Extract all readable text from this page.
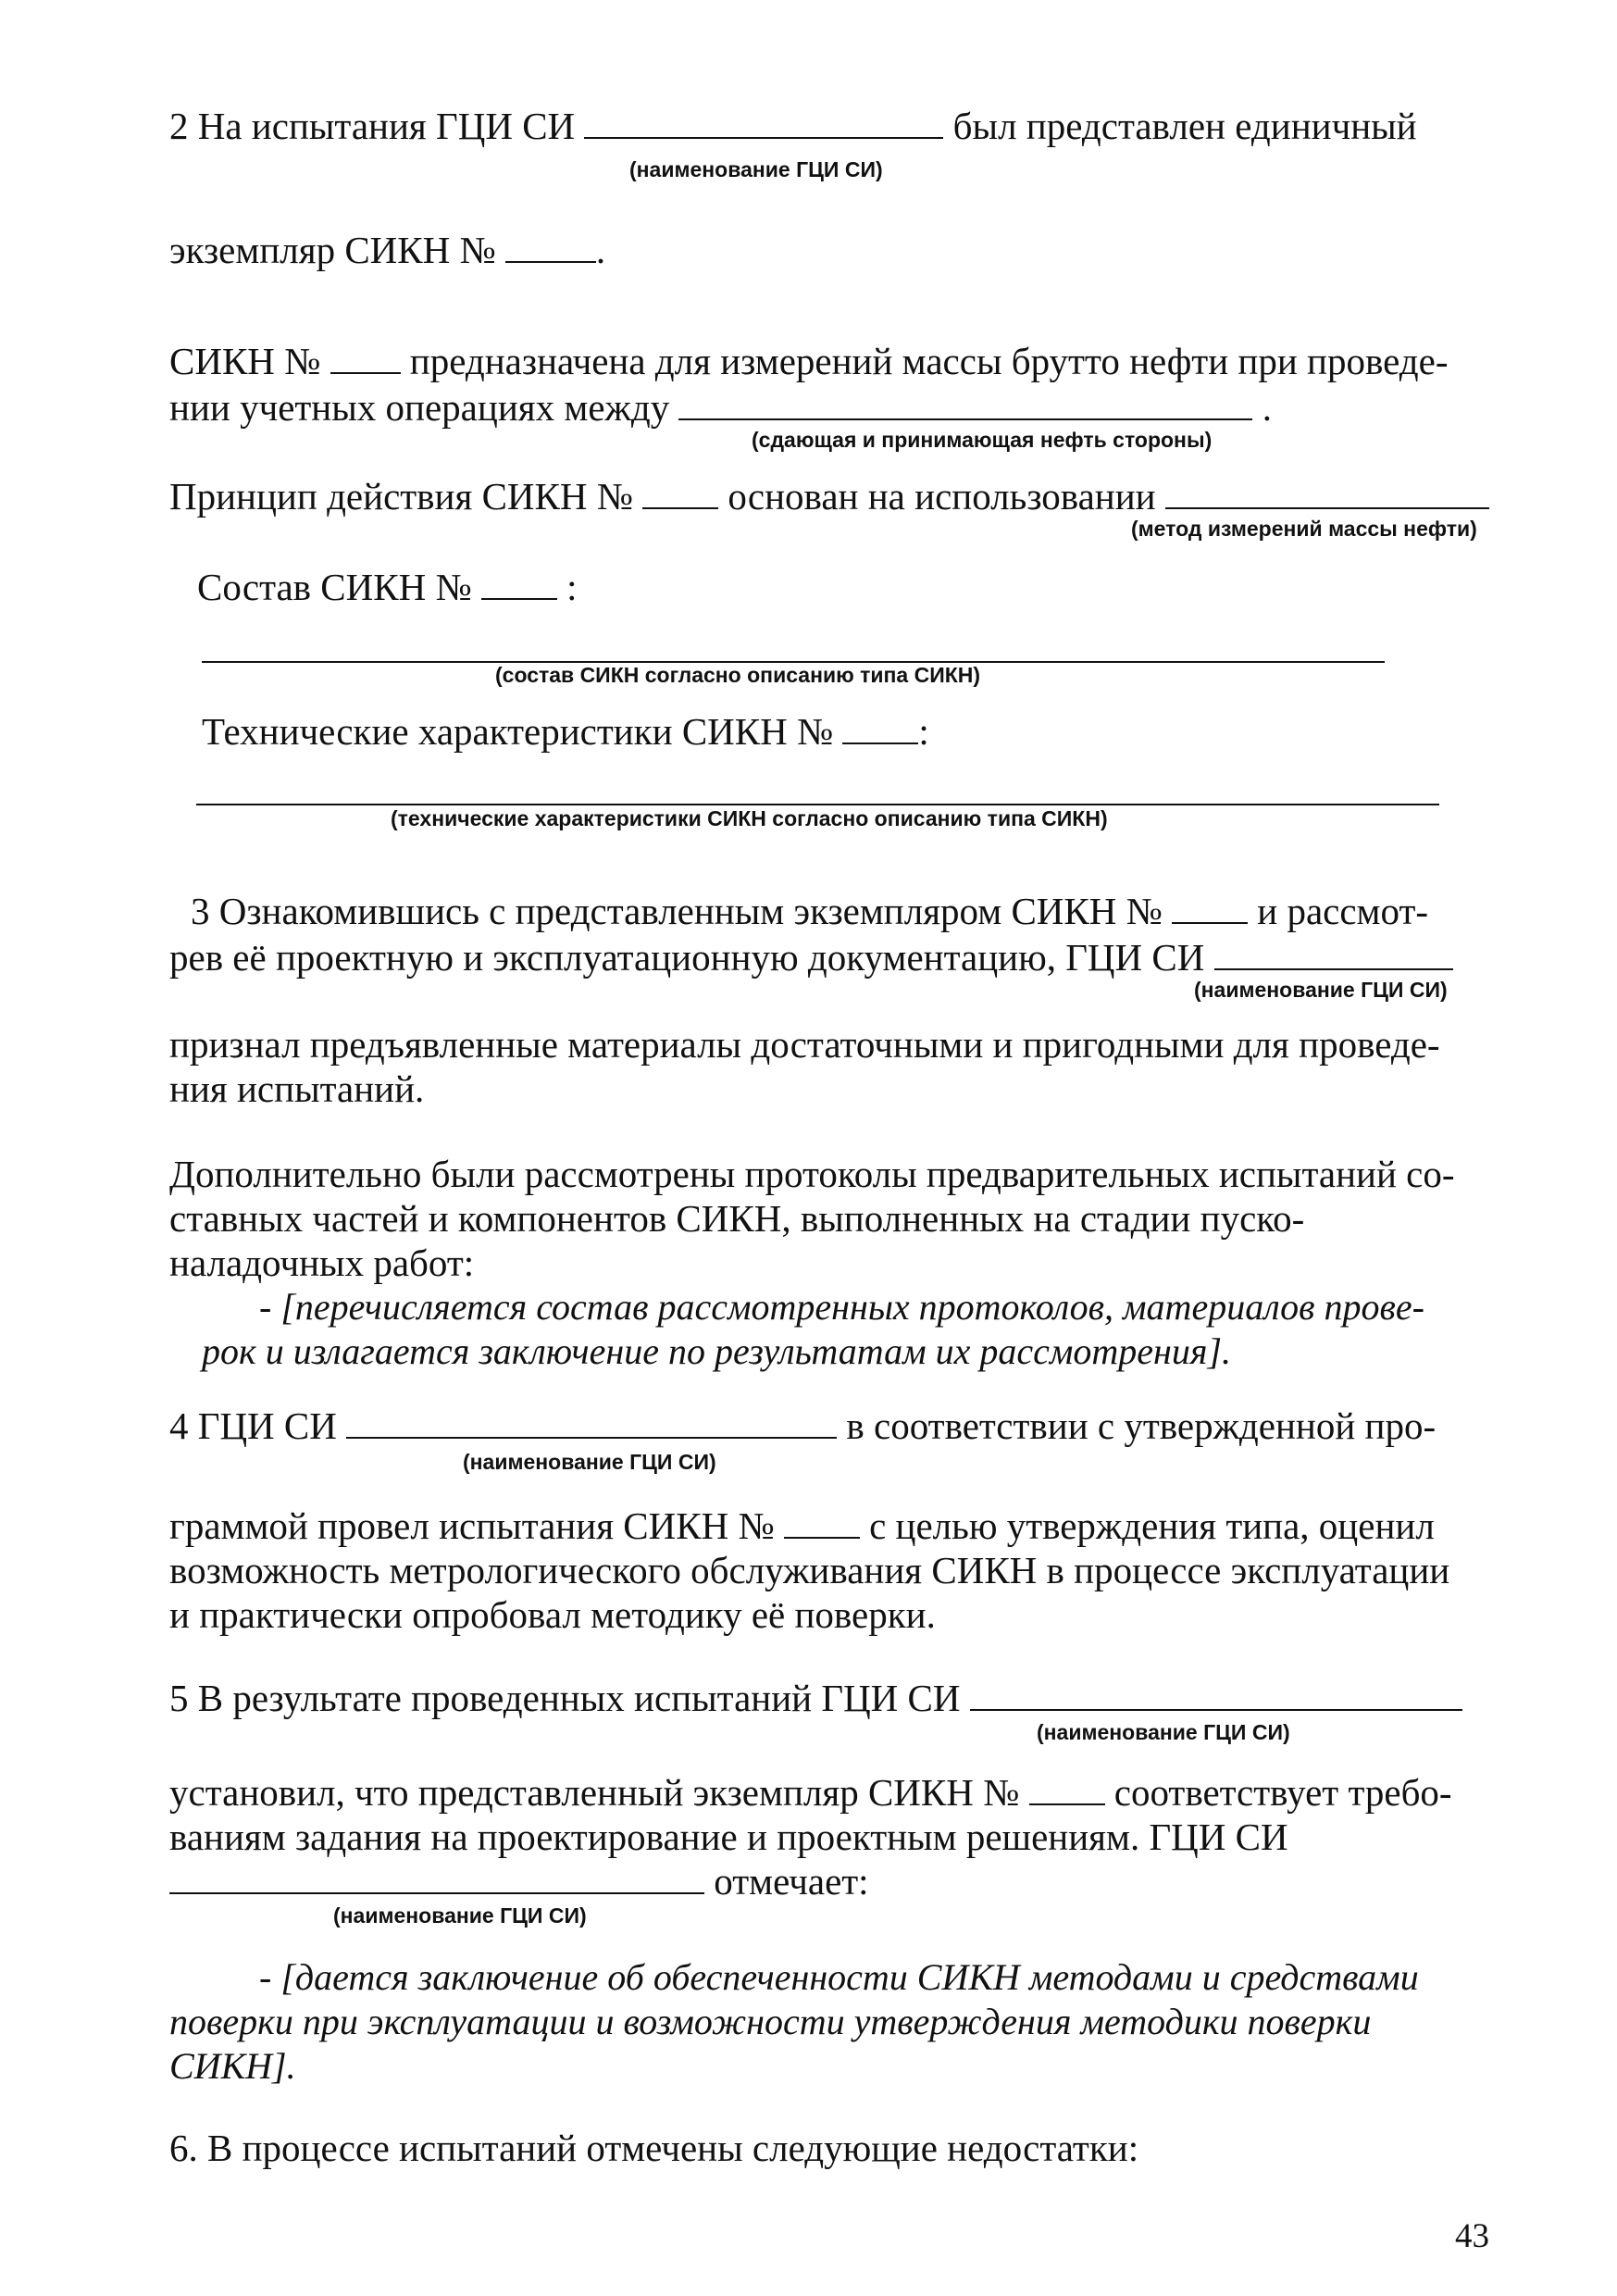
2 На испытания ГЦИ СИ	был представлен единичный
(наименование ГЦИ СИ)
экземпляр СИКН №	.
СИКН № предназначена для измерений массы брутто нефти при проведе-
нии учетных операциях между	.
(сдающая и принимающая нефть стороны)
Принцип действия СИКН №	основан на использовании
(метод измерений массы нефти)
Состав СИКН №	:
(состав СИКН согласно описанию типа СИКН)
Технические характеристики СИКН № :
(технические характеристики СИКН согласно описанию типа СИКН)
3 Ознакомившись с представленным экземпляром СИКН №	и рассмот-
рев её проектную и эксплуатационную документацию, ГЦИ СИ
(наименование ГЦИ СИ)
признал предъявленные материалы достаточными и пригодными для проведе-
ния испытаний.
Дополнительно были рассмотрены протоколы предварительных испытаний со-
ставных частей и компонентов СИКН, выполненных на стадии пуско-
наладочных работ:
- [перечисляется состав рассмотренных протоколов, материалов прове-
рок и излагается заключение по результатам их рассмотрения].
4 ГЦИ СИ	в соответствии с утвержденной про-
(наименование ГЦИ СИ)
граммой провел испытания СИКН №	с целью утверждения типа, оценил
возможность метрологического обслуживания СИКН в процессе эксплуатации
и практически опробовал методику её поверки.
5 В результате проведенных испытаний ГЦИ СИ
(наименование ГЦИ СИ)
установил, что представленный экземпляр СИКН №	соответствует требо-
ваниям задания на проектирование и проектным решениям. ГЦИ СИ
отмечает:
(наименование ГЦИ СИ)
- [дается заключение об обеспеченности СИКН методами и средствами
поверки при эксплуатации и возможности утверждения методики поверки
СИКН].
6. В процессе испытаний отмечены следующие недостатки:
43
